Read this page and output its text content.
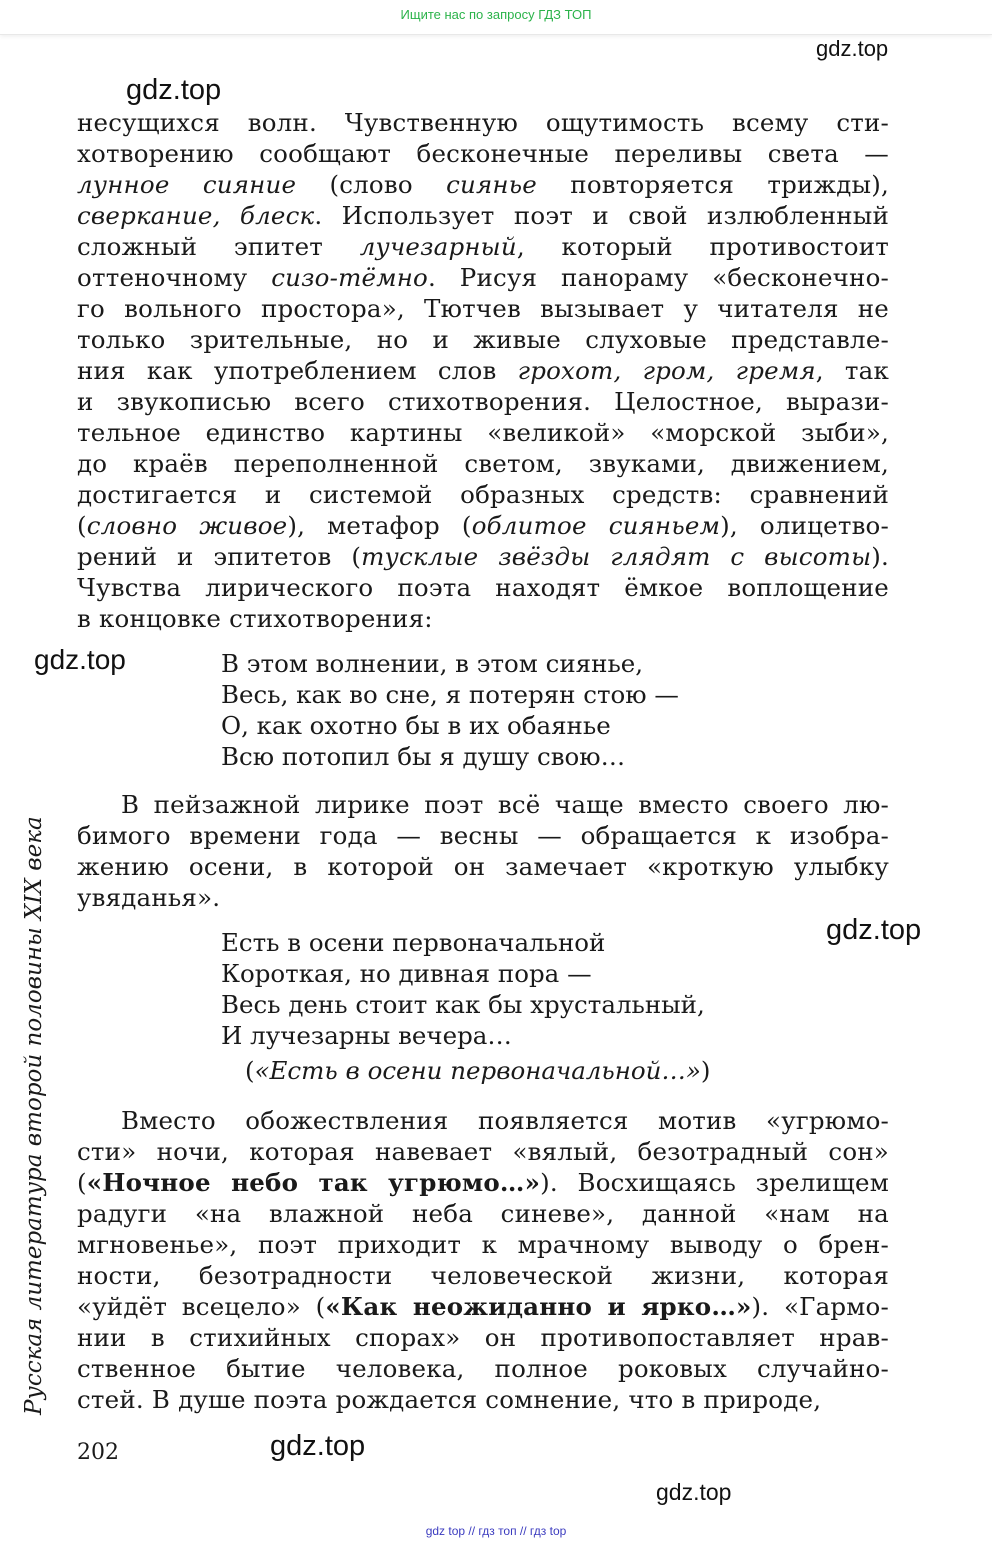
Ищите нас по запросу ГДЗ ТОП
gdz.top
gdz.top
gdz.top
gdz.top
gdz.top
gdz.top
несущихся волн. Чувственную ощутимость всему сти-
хотворению сообщают бесконечные переливы света —
лунное сияние (слово сиянье повторяется трижды),
сверкание, блеск. Использует поэт и свой излюбленный
сложный эпитет лучезарный, который противостоит
оттеночному сизо-тёмно. Рисуя панораму «бесконечно-
го вольного простора», Тютчев вызывает у читателя не
только зрительные, но и живые слуховые представле-
ния как употреблением слов грохот, гром, гремя, так
и звукописью всего стихотворения. Целостное, вырази-
тельное единство картины «великой» «морской зыби»,
до краёв переполненной светом, звуками, движением,
достигается и системой образных средств: сравнений
(словно живое), метафор (облитое сияньем), олицетво-
рений и эпитетов (тусклые звёзды глядят с высоты).
Чувства лирического поэта находят ёмкое воплощение
в концовке стихотворения:
В этом волнении, в этом сиянье,
Весь, как во сне, я потерян стою —
О, как охотно бы в их обаянье
Всю потопил бы я душу свою…
В пейзажной лирике поэт всё чаще вместо своего лю-
бимого времени года — весны — обращается к изобра-
жению осени, в которой он замечает «кроткую улыбку
увяданья».
Есть в осени первоначальной
Короткая, но дивная пора —
Весь день стоит как бы хрустальный,
И лучезарны вечера…
(«Есть в осени первоначальной…»)
Вместо обожествления появляется мотив «угрюмо-
сти» ночи, которая навевает «вялый, безотрадный сон»
(«Ночное небо так угрюмо…»). Восхищаясь зрелищем
радуги «на влажной неба синеве», данной «нам на
мгновенье», поэт приходит к мрачному выводу о брен-
ности, безотрадности человеческой жизни, которая
«уйдёт всецело» («Как неожиданно и ярко…»). «Гармо-
нии в стихийных спорах» он противопоставляет нрав-
ственное бытие человека, полное роковых случайно-
стей. В душе поэта рождается сомнение, что в природе,
Русская литература второй половины XIX века
202
gdz top // гдз топ // гдз top
